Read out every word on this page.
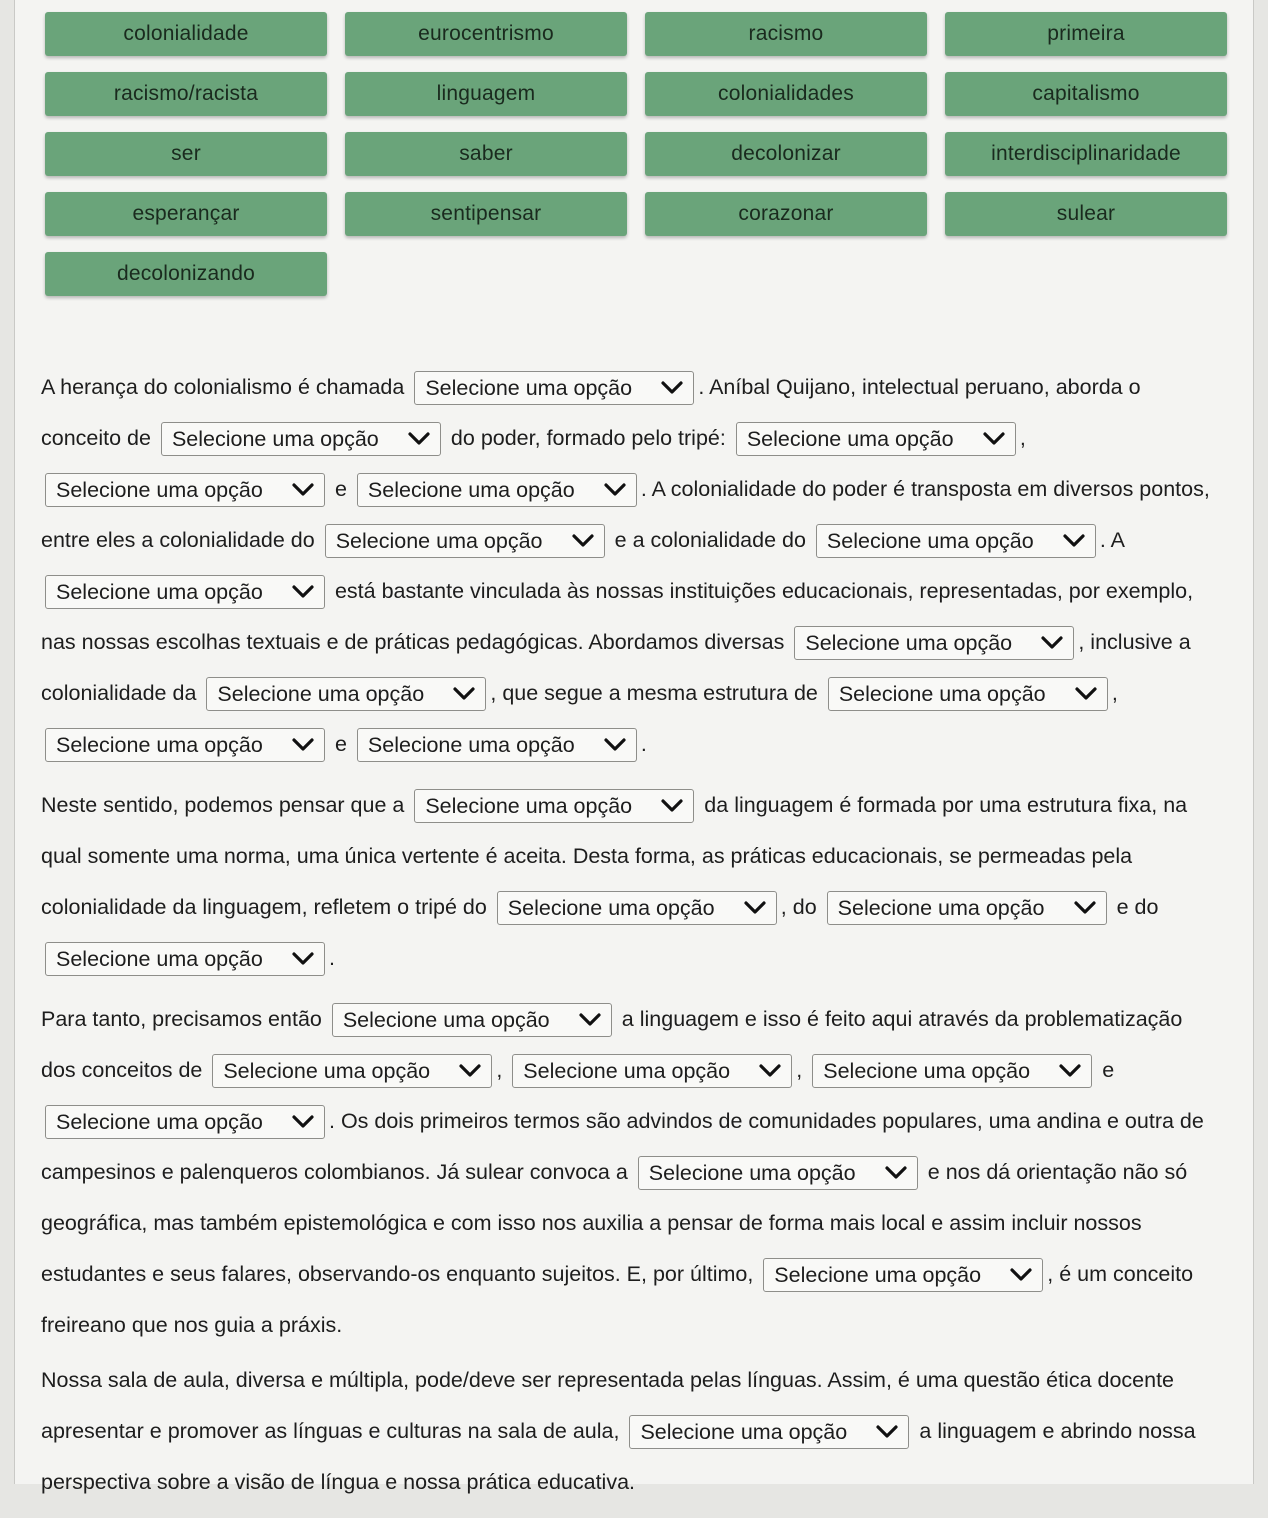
colonialidade	eurocentrismo	racismo	primeira
racismo/racista	linguagem	colonialidades	capitalismo
ser	saber	decolonizar	interdisciplinaridade
esperançar	sentipensar	corazonar	sulear
decolonizando

A herança do colonialismo é chamada Selecione uma opção	. Aníbal Quijano, intelectual peruano, aborda o conceito de Selecione uma opção	do poder, formado pelo tripé: Selecione uma opção	,
Selecione uma opção	e Selecione uma opção	. A colonialidade do poder é transposta em diversos pontos, entre eles a colonialidade do Selecione uma opção	e a colonialidade do Selecione uma opção	. A
Selecione uma opção	está bastante vinculada às nossas instituições educacionais, representadas, por exemplo, nas nossas escolhas textuais e de práticas pedagógicas. Abordamos diversas Selecione uma opção	, inclusive a colonialidade da Selecione uma opção	, que segue a mesma estrutura de Selecione uma opção	,
Selecione uma opção	e Selecione uma opção	.

Neste sentido, podemos pensar que a Selecione uma opção	da linguagem é formada por uma estrutura fixa, na qual somente uma norma, uma única vertente é aceita. Desta forma, as práticas educacionais, se permeadas pela colonialidade da linguagem, refletem o tripé do Selecione uma opção	, do Selecione uma opção	e do
Selecione uma opção	.

Para tanto, precisamos então Selecione uma opção	a linguagem e isso é feito aqui através da problematização dos conceitos de Selecione uma opção	, Selecione uma opção	, Selecione uma opção	e
Selecione uma opção	. Os dois primeiros termos são advindos de comunidades populares, uma andina e outra de campesinos e palenqueros colombianos. Já sulear convoca a Selecione uma opção	e nos dá orientação não só geográfica, mas também epistemológica e com isso nos auxilia a pensar de forma mais local e assim incluir nossos estudantes e seus falares, observando-os enquanto sujeitos. E, por último, Selecione uma opção	, é um conceito freireano que nos guia a práxis.

Nossa sala de aula, diversa e múltipla, pode/deve ser representada pelas línguas. Assim, é uma questão ética docente apresentar e promover as línguas e culturas na sala de aula, Selecione uma opção	a linguagem e abrindo nossa perspectiva sobre a visão de língua e nossa prática educativa.
